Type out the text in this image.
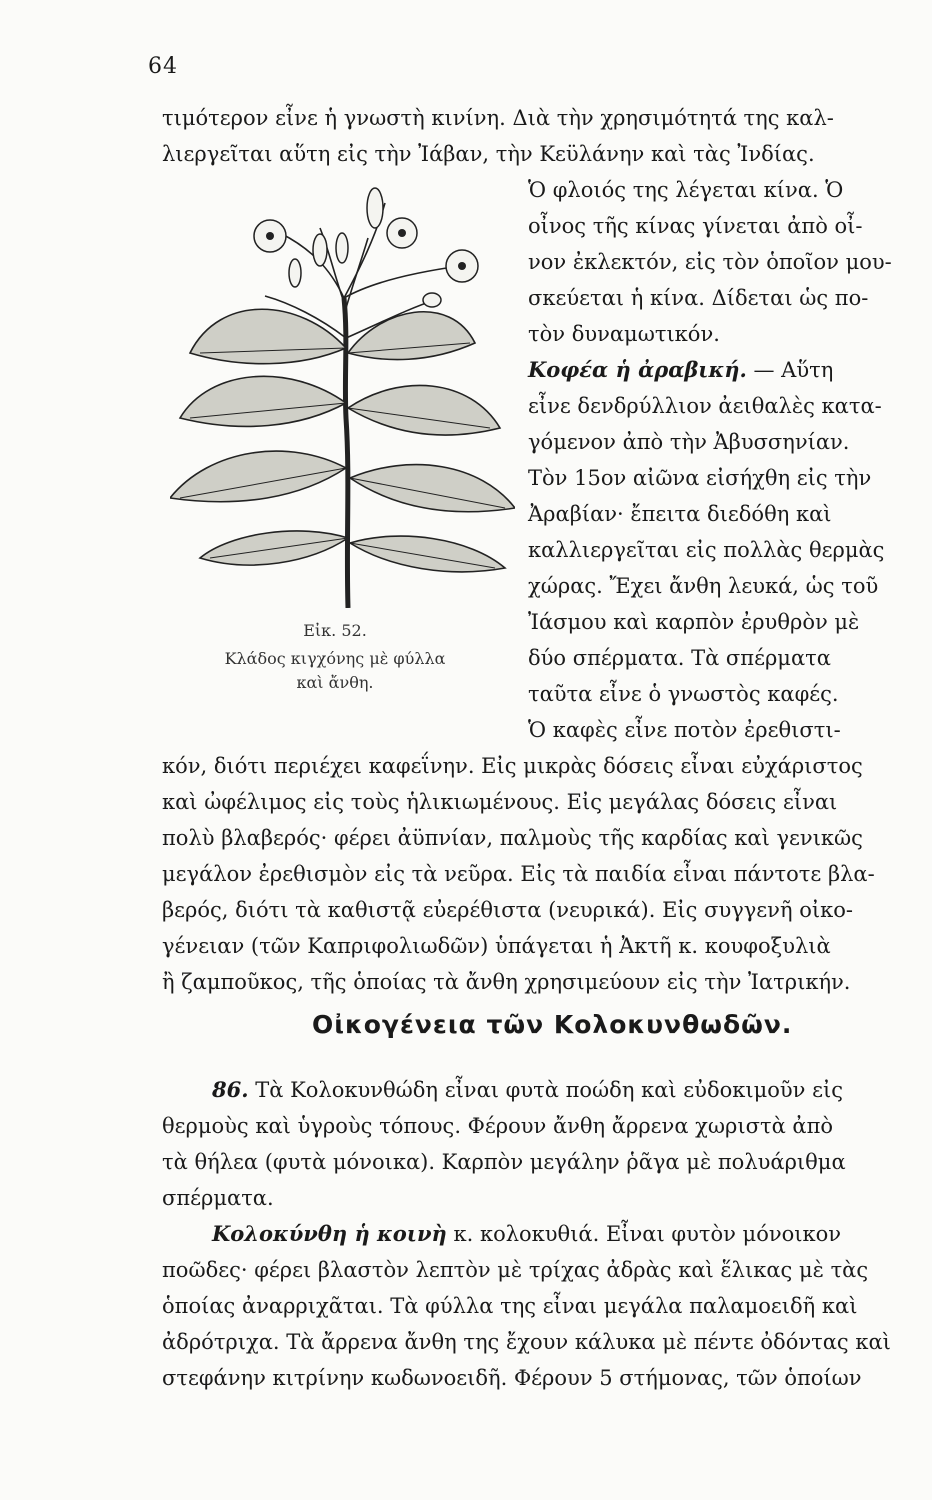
64
τιμότερον εἶνε ἡ γνωστὴ κινίνη. Διὰ τὴν χρησιμότητά της καλ-
λιεργεῖται αὕτη εἰς τὴν Ἰάβαν, τὴν Κεϋλάνην καὶ τὰς Ἰνδίας.
Ὁ φλοιός της λέγεται κίνα. Ὁ
οἶνος τῆς κίνας γίνεται ἀπὸ οἶ-
νον ἐκλεκτόν, εἰς τὸν ὁποῖον μου-
σκεύεται ἡ κίνα. Δίδεται ὡς πο-
τὸν δυναμωτικόν.
Κοφέα ἡ ἀραβική. — Αὕτη
εἶνε δενδρύλλιον ἀειθαλὲς κατα-
γόμενον ἀπὸ τὴν Ἀβυσσηνίαν.
Τὸν 15ον αἰῶνα εἰσήχθη εἰς τὴν
Ἀραβίαν· ἔπειτα διεδόθη καὶ
καλλιεργεῖται εἰς πολλὰς θερμὰς
χώρας. Ἔχει ἄνθη λευκά, ὡς τοῦ
Ἰάσμου καὶ καρπὸν ἐρυθρὸν μὲ
δύο σπέρματα. Τὰ σπέρματα
ταῦτα εἶνε ὁ γνωστὸς καφές.
Ὁ καφὲς εἶνε ποτὸν ἐρεθιστι-
Εἰκ. 52.
Κλάδος κιγχόνης μὲ φύλλα
καὶ ἄνθη.
κόν, διότι περιέχει καφεΐνην. Εἰς μικρὰς δόσεις εἶναι εὐχάριστος
καὶ ὠφέλιμος εἰς τοὺς ἡλικιωμένους. Εἰς μεγάλας δόσεις εἶναι
πολὺ βλαβερός· φέρει ἀϋπνίαν, παλμοὺς τῆς καρδίας καὶ γενικῶς
μεγάλον ἐρεθισμὸν εἰς τὰ νεῦρα. Εἰς τὰ παιδία εἶναι πάντοτε βλα-
βερός, διότι τὰ καθιστᾷ εὐερέθιστα (νευρικά). Εἰς συγγενῆ οἰκο-
γένειαν (τῶν Καπριφολιωδῶν) ὑπάγεται ἡ Ἀκτῆ κ. κουφοξυλιὰ
ἢ ζαμποῦκος, τῆς ὁποίας τὰ ἄνθη χρησιμεύουν εἰς τὴν Ἰατρικήν.
Οἰκογένεια τῶν Κολοκυνθωδῶν.
86. Τὰ Κολοκυνθώδη εἶναι φυτὰ ποώδη καὶ εὐδοκιμοῦν εἰς
θερμοὺς καὶ ὑγροὺς τόπους. Φέρουν ἄνθη ἄρρενα χωριστὰ ἀπὸ
τὰ θήλεα (φυτὰ μόνοικα). Καρπὸν μεγάλην ῥᾶγα μὲ πολυάριθμα
σπέρματα.
Κολοκύνθη ἡ κοινὴ κ. κολοκυθιά. Εἶναι φυτὸν μόνοικον
ποῶδες· φέρει βλαστὸν λεπτὸν μὲ τρίχας ἀδρὰς καὶ ἕλικας μὲ τὰς
ὁποίας ἀναρριχᾶται. Τὰ φύλλα της εἶναι μεγάλα παλαμοειδῆ καὶ
ἀδρότριχα. Τὰ ἄρρενα ἄνθη της ἔχουν κάλυκα μὲ πέντε ὀδόντας καὶ
στεφάνην κιτρίνην κωδωνοειδῆ. Φέρουν 5 στήμονας, τῶν ὁποίων
